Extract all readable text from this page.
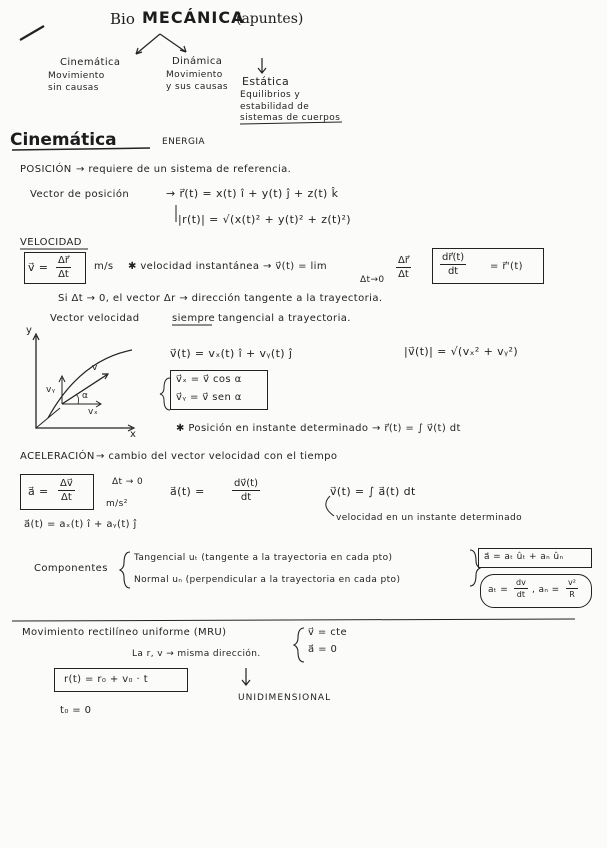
Bio MECÁNICA
(apuntes)
Cinemática
Movimiento
sin causas
Dinámica
Movimiento
y sus causas Estática
Equilibrios y
estabilidad de
sistemas de cuerpos
Cinemática	ENERGIA
POSICIÓN → requiere de un sistema de referencia.
Vector de posición	→ r⃗(t) = x(t) î + y(t) ĵ + z(t) k̂
|r(t)| = √(x(t)² + y(t)² + z(t)²)
VELOCIDAD
v⃗ = $\frac{\Delta r⃗}{\Delta t} m/s$ ✱ velocidad instantánea → v⃗(t) = lim
$\Delta t\to 0 \frac{\Delta r⃗}{\Delta t}$	$\frac{dr⃗(t)}{dt}$ = r⃗'(t)
Si Δt → 0, el vector Δr → dirección tangente a la trayectoria.
Vector velocidad	siempre tangencial a trayectoria.
y
x
v
vᵧ
vₓ
α
v⃗(t) = vₓ(t) î + vᵧ(t) ĵ	|v⃗(t)| = √(vₓ² + vᵧ²)
v⃗ₓ = v⃗ cos α
v⃗ᵧ = v⃗ sen α
✱ Posición en instante determinado → r⃗(t) = ∫ v⃗(t) dt
ACELERACIÓN → cambio del vector velocidad con el tiempo
a⃗ = $\frac{\Delta v⃗}{\Delta t}$	Δt → 0
m/s²
a⃗(t) =	$\frac{dv⃗(t)}{dt}$	v⃗(t) = ∫ a⃗(t) dt
velocidad en un instante determinado
a⃗(t) = aₓ(t) î + aᵧ(t) ĵ
Componentes
Tangencial uₜ (tangente a la trayectoria en cada pto)
Normal uₙ (perpendicular a la trayectoria en cada pto)
a⃗ = aₜ ûₜ + aₙ ûₙ
$a_t = \frac{dv}{dt}$ , $a_n = \frac{\text{v²}}{R}$
Movimiento rectilíneo uniforme (MRU)	v⃗ = cte
a⃗ = 0
La r, v → misma dirección.
r(t) = r₀ + v₀ · t
t₀ = 0
UNIDIMENSIONAL
